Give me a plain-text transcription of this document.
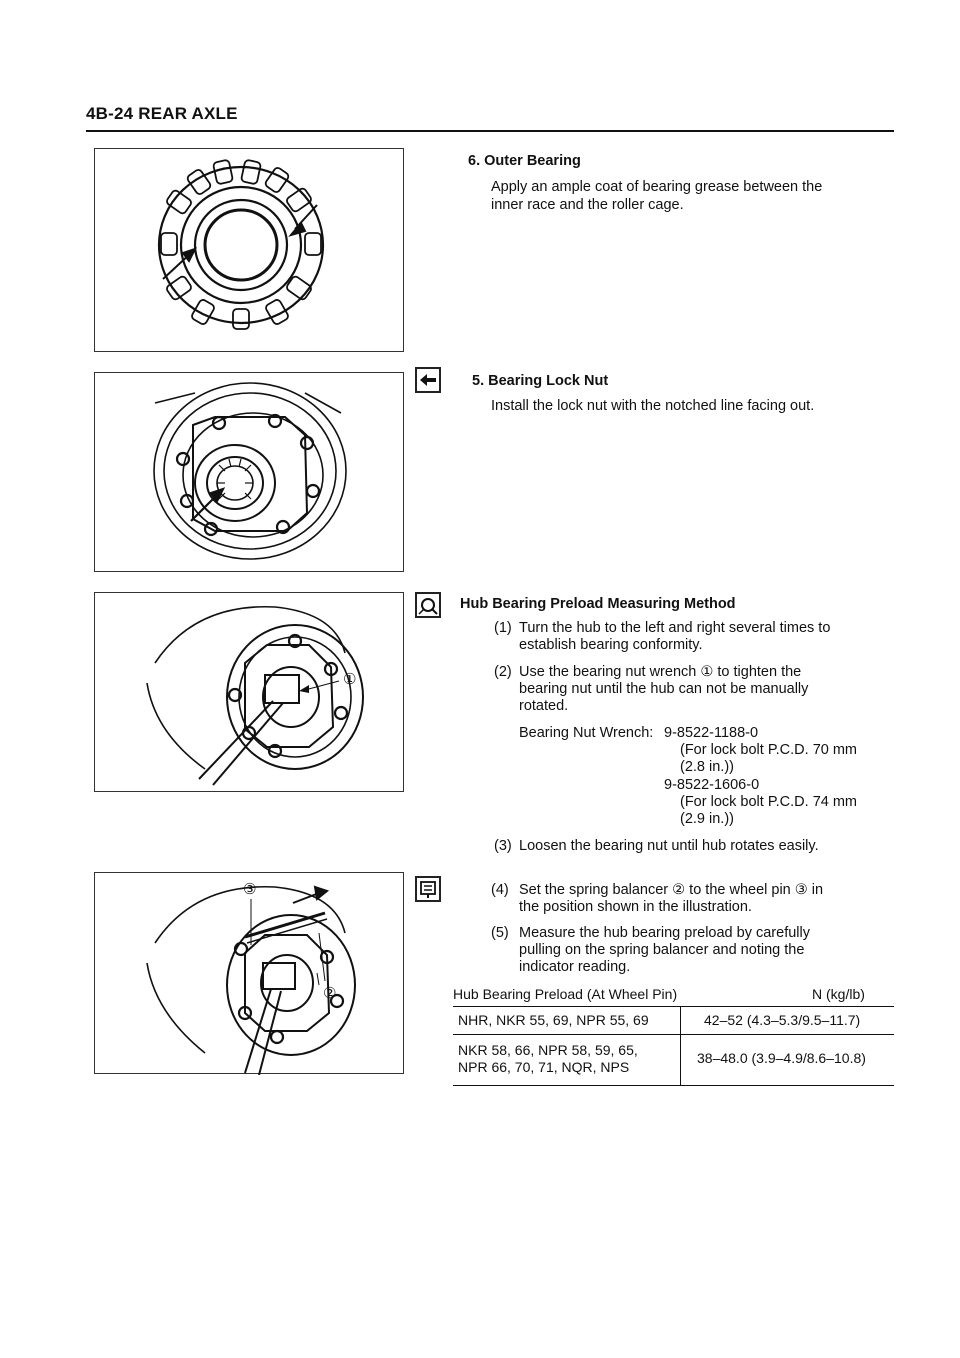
4B-24 REAR AXLE
6. Outer Bearing
Apply an ample coat of bearing grease between the
inner race and the roller cage.
5. Bearing Lock Nut
Install the lock nut with the notched line facing out.
①
Hub Bearing Preload Measuring Method
(1) Turn the hub to the left and right several times to
establish bearing conformity.
(2) Use the bearing nut wrench ① to tighten the
bearing nut until the hub can not be manually
rotated.
Bearing Nut Wrench: 9-8522-1188-0
(For lock bolt P.C.D. 70 mm
(2.8 in.))
9-8522-1606-0
(For lock bolt P.C.D. 74 mm
(2.9 in.))
(3) Loosen the bearing nut until hub rotates easily.
③
②
(4) Set the spring balancer ② to the wheel pin ③ in
the position shown in the illustration.
(5) Measure the hub bearing preload by carefully
pulling on the spring balancer and noting the
indicator reading.
Hub Bearing Preload (At Wheel Pin)	N (kg/lb)
NHR, NKR 55, 69, NPR 55, 69	42–52 (4.3–5.3/9.5–11.7)
NKR 58, 66, NPR 58, 59, 65,
NPR 66, 70, 71, NQR, NPS
38–48.0 (3.9–4.9/8.6–10.8)
